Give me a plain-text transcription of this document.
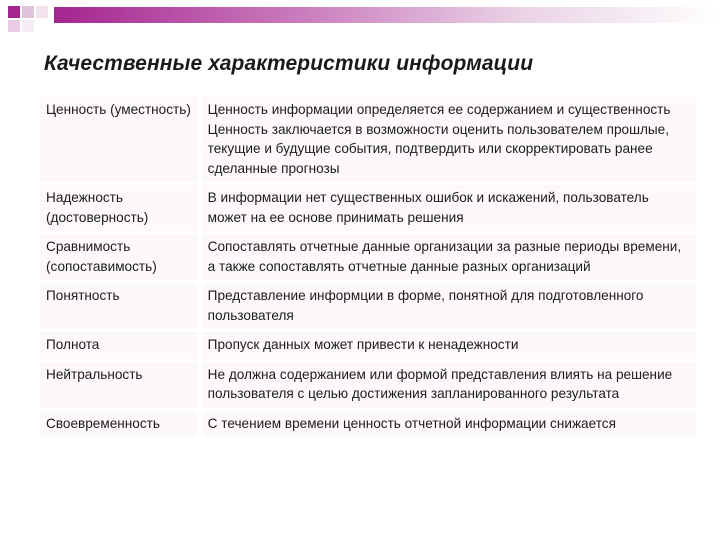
Качественные характеристики информации
Ценность (уместность)	Ценность информации определяется ее содержанием и существенность Ценность заключается в возможности оценить пользователем прошлые, текущие и будущие события, подтвердить или скорректировать ранее сделанные прогнозы
Надежность (достоверность)	В информации нет существенных ошибок и искажений, пользователь может на ее основе принимать решения
Сравнимость (сопоставимость)	Сопоставлять отчетные данные организации за разные периоды времени, а также сопоставлять отчетные данные разных организаций
Понятность	Представление информции в форме, понятной для подготовленного пользователя
Полнота	Пропуск данных может привести к ненадежности
Нейтральность	Не должна содержанием или формой представления влиять на решение пользователя с целью достижения запланированного результата
Своевременность	С течением времени ценность отчетной информации снижается
